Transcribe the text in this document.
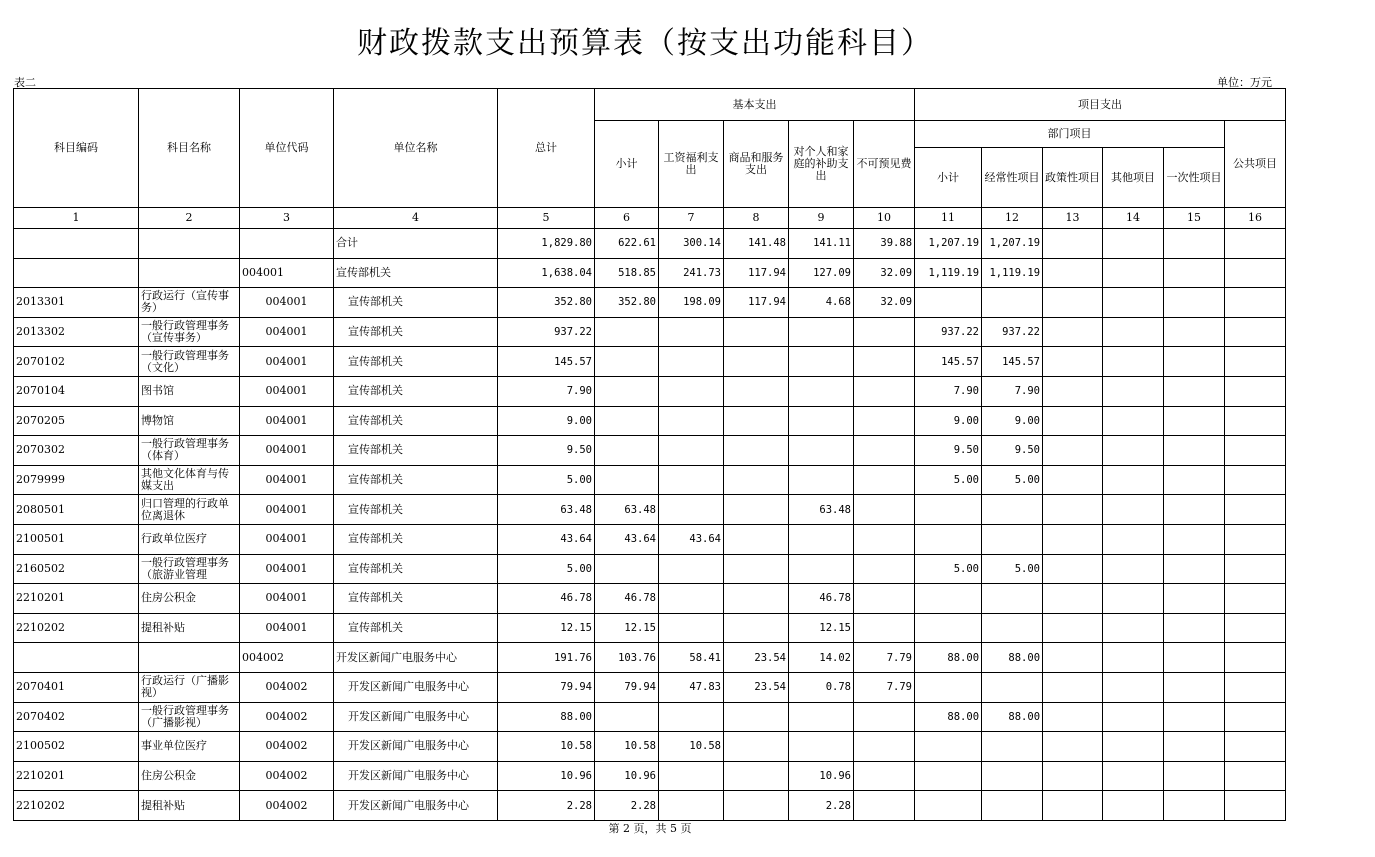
财政拨款支出预算表（按支出功能科目）
表二	单位：万元
科目编码	科目名称	单位代码	单位名称	总计	基本支出					项目支出					
					小计	工资福利支出	商品和服务支出	对个人和家庭的补助支出	不可预见费	部门项目					公共项目
										小计	经常性项目	政策性项目	其他项目	一次性项目	
1	2	3	4	5	6	7	8	9	10	11	12	13	14	15	16
			合计	1,829.80	622.61	300.14	141.48	141.11	39.88	1,207.19	1,207.19				
		004001	宣传部机关	1,638.04	518.85	241.73	117.94	127.09	32.09	1,119.19	1,119.19				
2013301	行政运行（宣传事务）	004001	宣传部机关	352.80	352.80	198.09	117.94	4.68	32.09						
2013302	一般行政管理事务（宣传事务）	004001	宣传部机关	937.22						937.22	937.22				
2070102	一般行政管理事务（文化）	004001	宣传部机关	145.57						145.57	145.57				
2070104	图书馆	004001	宣传部机关	7.90						7.90	7.90				
2070205	博物馆	004001	宣传部机关	9.00						9.00	9.00				
2070302	一般行政管理事务（体育）	004001	宣传部机关	9.50						9.50	9.50				
2079999	其他文化体育与传媒支出	004001	宣传部机关	5.00						5.00	5.00				
2080501	归口管理的行政单位离退休	004001	宣传部机关	63.48	63.48			63.48							
2100501	行政单位医疗	004001	宣传部机关	43.64	43.64	43.64									
2160502	一般行政管理事务（旅游业管理	004001	宣传部机关	5.00						5.00	5.00				
2210201	住房公积金	004001	宣传部机关	46.78	46.78			46.78							
2210202	提租补贴	004001	宣传部机关	12.15	12.15			12.15							
		004002	开发区新闻广电服务中心	191.76	103.76	58.41	23.54	14.02	7.79	88.00	88.00				
2070401	行政运行（广播影视）	004002	开发区新闻广电服务中心	79.94	79.94	47.83	23.54	0.78	7.79						
2070402	一般行政管理事务（广播影视）	004002	开发区新闻广电服务中心	88.00						88.00	88.00				
2100502	事业单位医疗	004002	开发区新闻广电服务中心	10.58	10.58	10.58									
2210201	住房公积金	004002	开发区新闻广电服务中心	10.96	10.96			10.96							
2210202	提租补贴	004002	开发区新闻广电服务中心	2.28	2.28			2.28							
第 2 页，共 5 页
